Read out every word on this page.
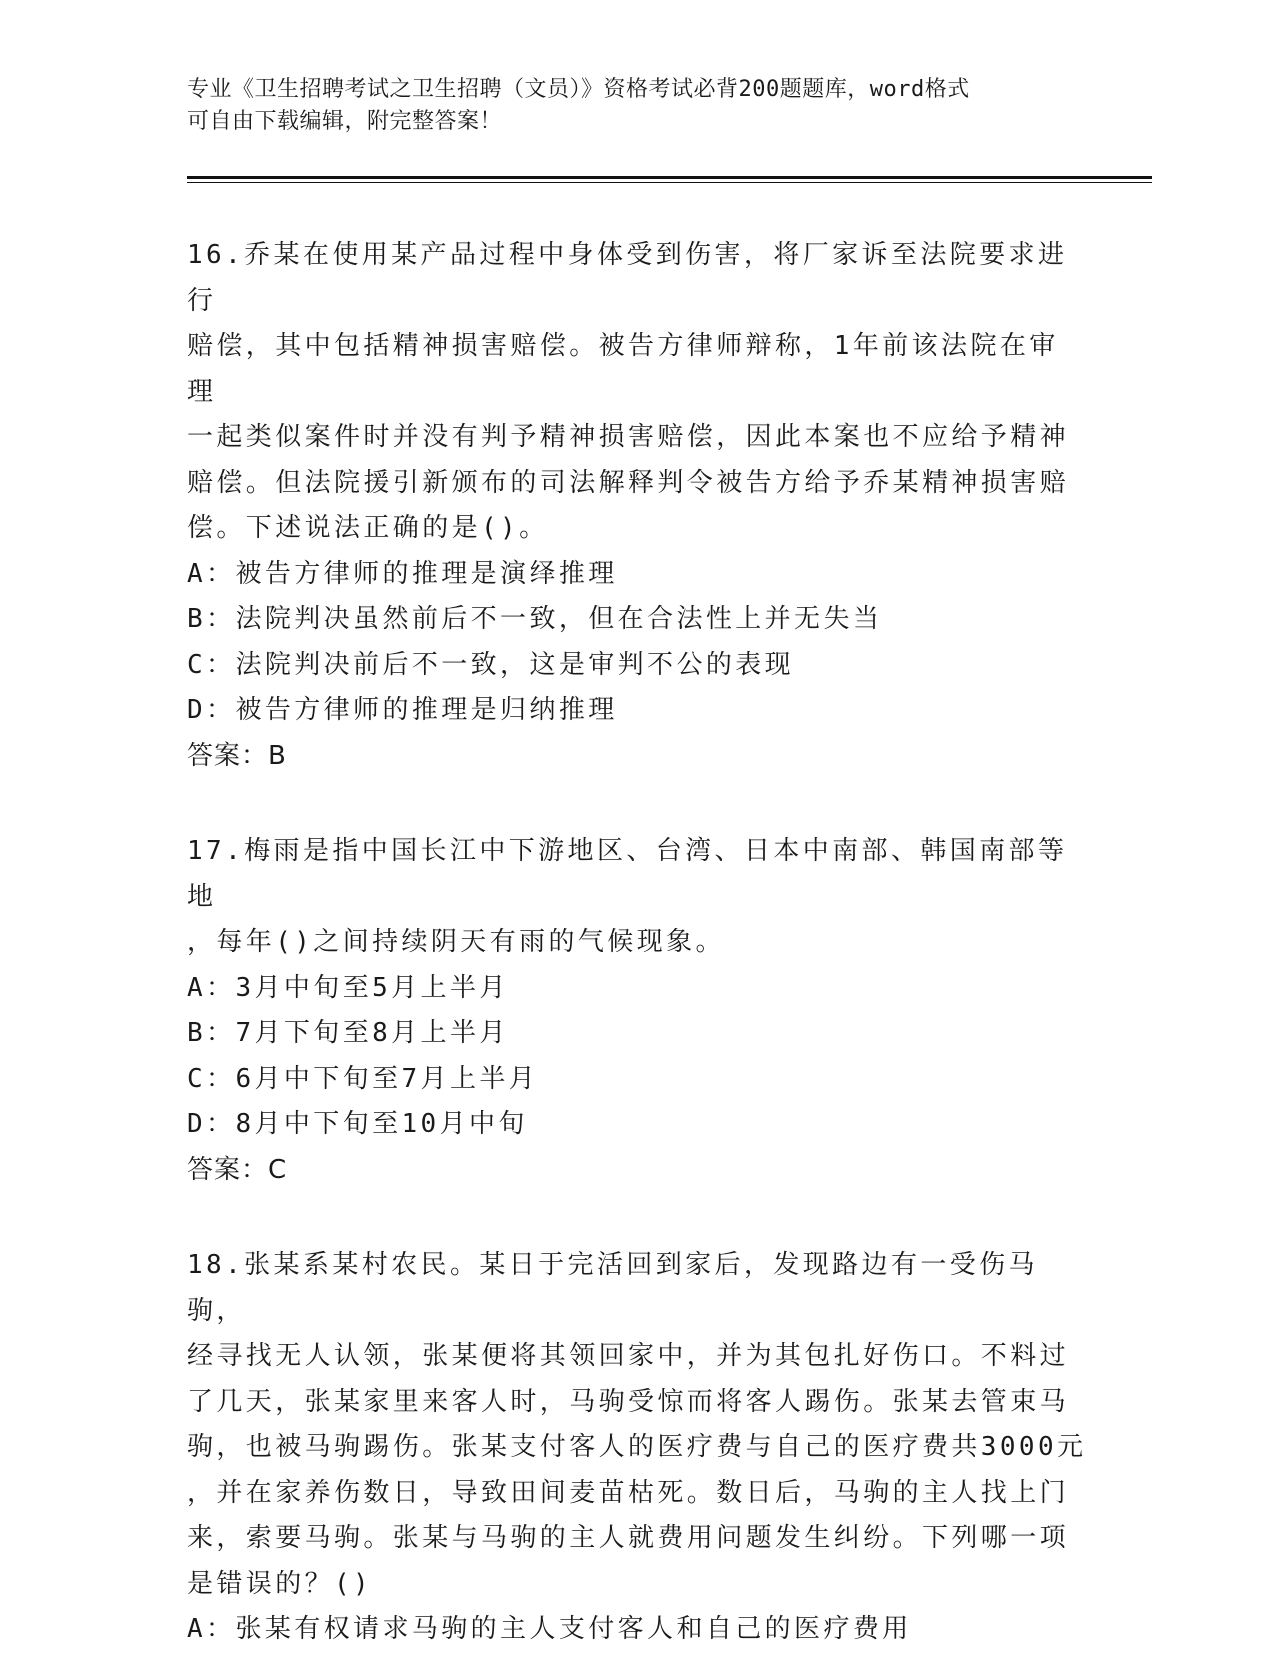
专业《卫生招聘考试之卫生招聘（文员）》资格考试必背200题题库，word格式
可自由下载编辑，附完整答案！
16.乔某在使用某产品过程中身体受到伤害，将厂家诉至法院要求进行
赔偿，其中包括精神损害赔偿。被告方律师辩称，1年前该法院在审理
一起类似案件时并没有判予精神损害赔偿，因此本案也不应给予精神
赔偿。但法院援引新颁布的司法解释判令被告方给予乔某精神损害赔
偿。下述说法正确的是()。
A：被告方律师的推理是演绎推理
B：法院判决虽然前后不一致，但在合法性上并无失当
C：法院判决前后不一致，这是审判不公的表现
D：被告方律师的推理是归纳推理
答案：B
17.梅雨是指中国长江中下游地区、台湾、日本中南部、韩国南部等地
，每年()之间持续阴天有雨的气候现象。
A：3月中旬至5月上半月
B：7月下旬至8月上半月
C：6月中下旬至7月上半月
D：8月中下旬至10月中旬
答案：C
18.张某系某村农民。某日于完活回到家后，发现路边有一受伤马驹，
经寻找无人认领，张某便将其领回家中，并为其包扎好伤口。不料过
了几天，张某家里来客人时，马驹受惊而将客人踢伤。张某去管束马
驹，也被马驹踢伤。张某支付客人的医疗费与自己的医疗费共3000元
，并在家养伤数日，导致田间麦苗枯死。数日后，马驹的主人找上门
来，索要马驹。张某与马驹的主人就费用问题发生纠纷。下列哪一项
是错误的？()
A：张某有权请求马驹的主人支付客人和自己的医疗费用
